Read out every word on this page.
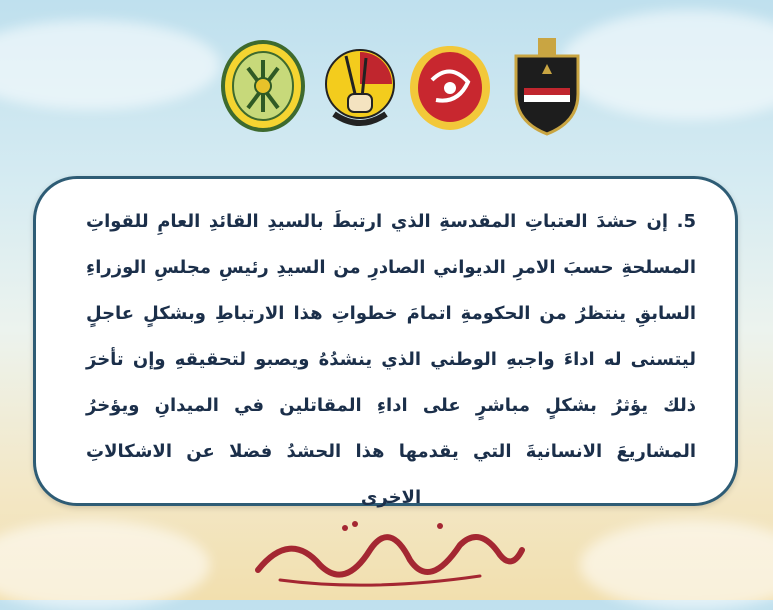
5. إن حشدَ العتباتِ المقدسةِ الذي ارتبطَ بالسيدِ القائدِ العامِ للقواتِ المسلحةِ حسبَ الامرِ الديواني الصادرِ من السيدِ رئيسِ مجلسِ الوزراءِ السابقِ ينتظرُ من الحكومةِ اتمامَ خطواتِ هذا الارتباطِ وبشكلٍ عاجلٍ ليتسنى له اداءَ واجبهِ الوطني الذي ينشدُهُ ويصبو لتحقيقهِ وإن تأخرَ ذلك يؤثرُ بشكلٍ مباشرٍ على اداءِ المقاتلين في الميدانِ ويؤخرُ المشاريعَ الانسانيةَ التي يقدمها هذا الحشدُ فضلا عن الاشكالاتِ الاخرى
